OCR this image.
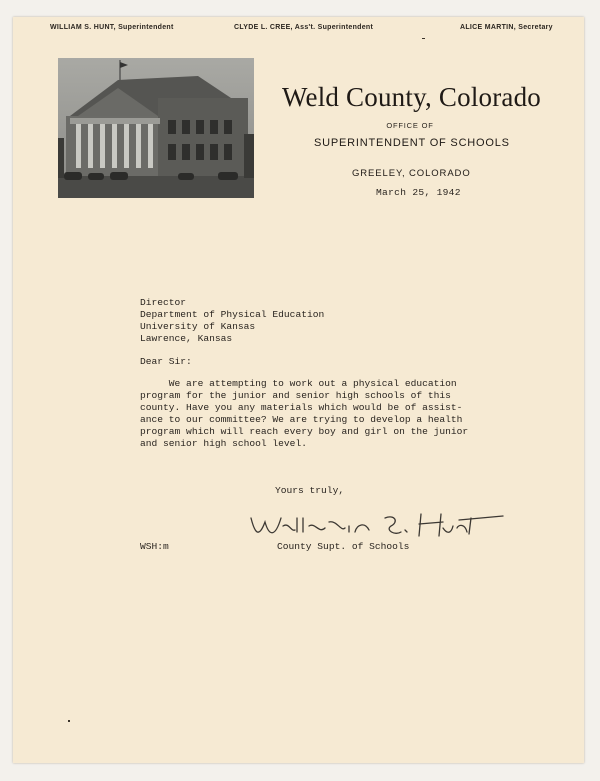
WILLIAM S. HUNT, Superintendent	CLYDE L. CREE, Ass't. Superintendent	ALICE MARTIN, Secretary
Weld County, Colorado
OFFICE OF
SUPERINTENDENT OF SCHOOLS
GREELEY, COLORADO
March 25, 1942
Director
Department of Physical Education
University of Kansas
Lawrence, Kansas
Dear Sir:
We are attempting to work out a physical education
program for the junior and senior high schools of this
county. Have you any materials which would be of assist-
ance to our committee? We are trying to develop a health
program which will reach every boy and girl on the junior
and senior high school level.
Yours truly,
WSH:m	County Supt. of Schools
